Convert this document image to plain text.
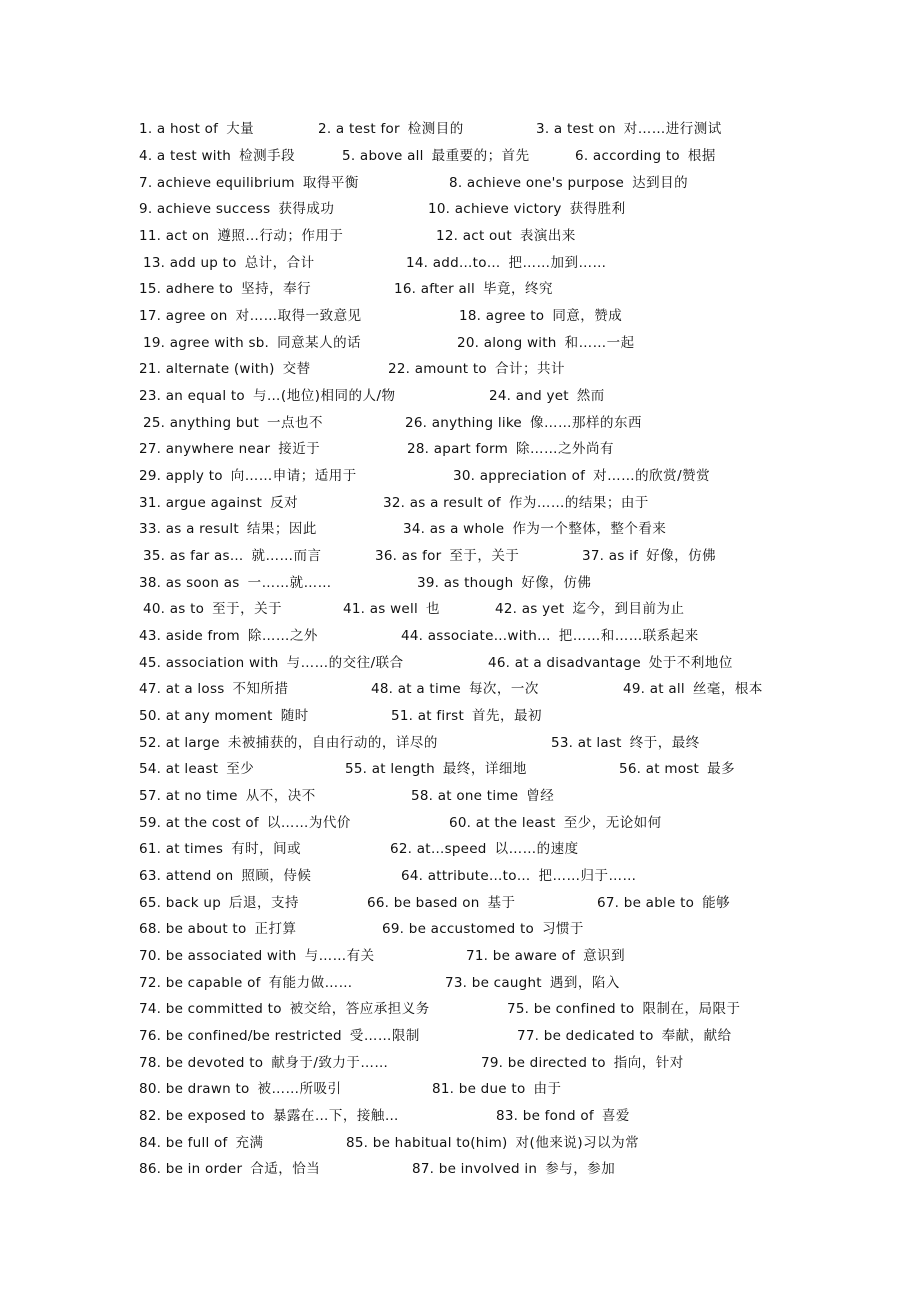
1. a host of 大量	2. a test for 检测目的	3. a test on 对……进行测试
4. a test with 检测手段	5. above all 最重要的；首先	6. according to 根据
7. achieve equilibrium 取得平衡	8. achieve one's purpose 达到目的
9. achieve success 获得成功	10. achieve victory 获得胜利
11. act on 遵照…行动；作用于	12. act out 表演出来
13. add up to 总计，合计	14. add…to… 把……加到……
15. adhere to 坚持，奉行	16. after all 毕竟，终究
17. agree on 对……取得一致意见	18. agree to 同意，赞成
19. agree with sb. 同意某人的话	20. along with 和……一起
21. alternate (with) 交替	22. amount to 合计；共计
23. an equal to 与…(地位)相同的人/物	24. and yet 然而
25. anything but 一点也不	26. anything like 像……那样的东西
27. anywhere near 接近于	28. apart form 除……之外尚有
29. apply to 向……申请；适用于	30. appreciation of 对……的欣赏/赞赏
31. argue against 反对	32. as a result of 作为……的结果；由于
33. as a result 结果；因此	34. as a whole 作为一个整体，整个看来
35. as far as… 就……而言	36. as for 至于，关于	37. as if 好像，仿佛
38. as soon as 一……就……	39. as though 好像，仿佛
40. as to 至于，关于	41. as well 也	42. as yet 迄今，到目前为止
43. aside from 除……之外	44. associate…with… 把……和……联系起来
45. association with 与……的交往/联合	46. at a disadvantage 处于不利地位
47. at a loss 不知所措	48. at a time 每次，一次	49. at all 丝毫，根本
50. at any moment 随时	51. at first 首先，最初
52. at large 未被捕获的，自由行动的，详尽的	53. at last 终于，最终
54. at least 至少	55. at length 最终，详细地	56. at most 最多
57. at no time 从不，决不	58. at one time 曾经
59. at the cost of 以……为代价	60. at the least 至少，无论如何
61. at times 有时，间或	62. at…speed 以……的速度
63. attend on 照顾，侍候	64. attribute…to… 把……归于……
65. back up 后退，支持	66. be based on 基于	67. be able to 能够
68. be about to 正打算	69. be accustomed to 习惯于
70. be associated with 与……有关	71. be aware of 意识到
72. be capable of 有能力做……	73. be caught 遇到，陷入
74. be committed to 被交给，答应承担义务	75. be confined to 限制在，局限于
76. be confined/be restricted 受……限制	77. be dedicated to 奉献，献给
78. be devoted to 献身于/致力于……	79. be directed to 指向，针对
80. be drawn to 被……所吸引	81. be due to 由于
82. be exposed to 暴露在…下，接触…	83. be fond of 喜爱
84. be full of 充满	85. be habitual to(him) 对(他来说)习以为常
86. be in order 合适，恰当	87. be involved in 参与，参加
